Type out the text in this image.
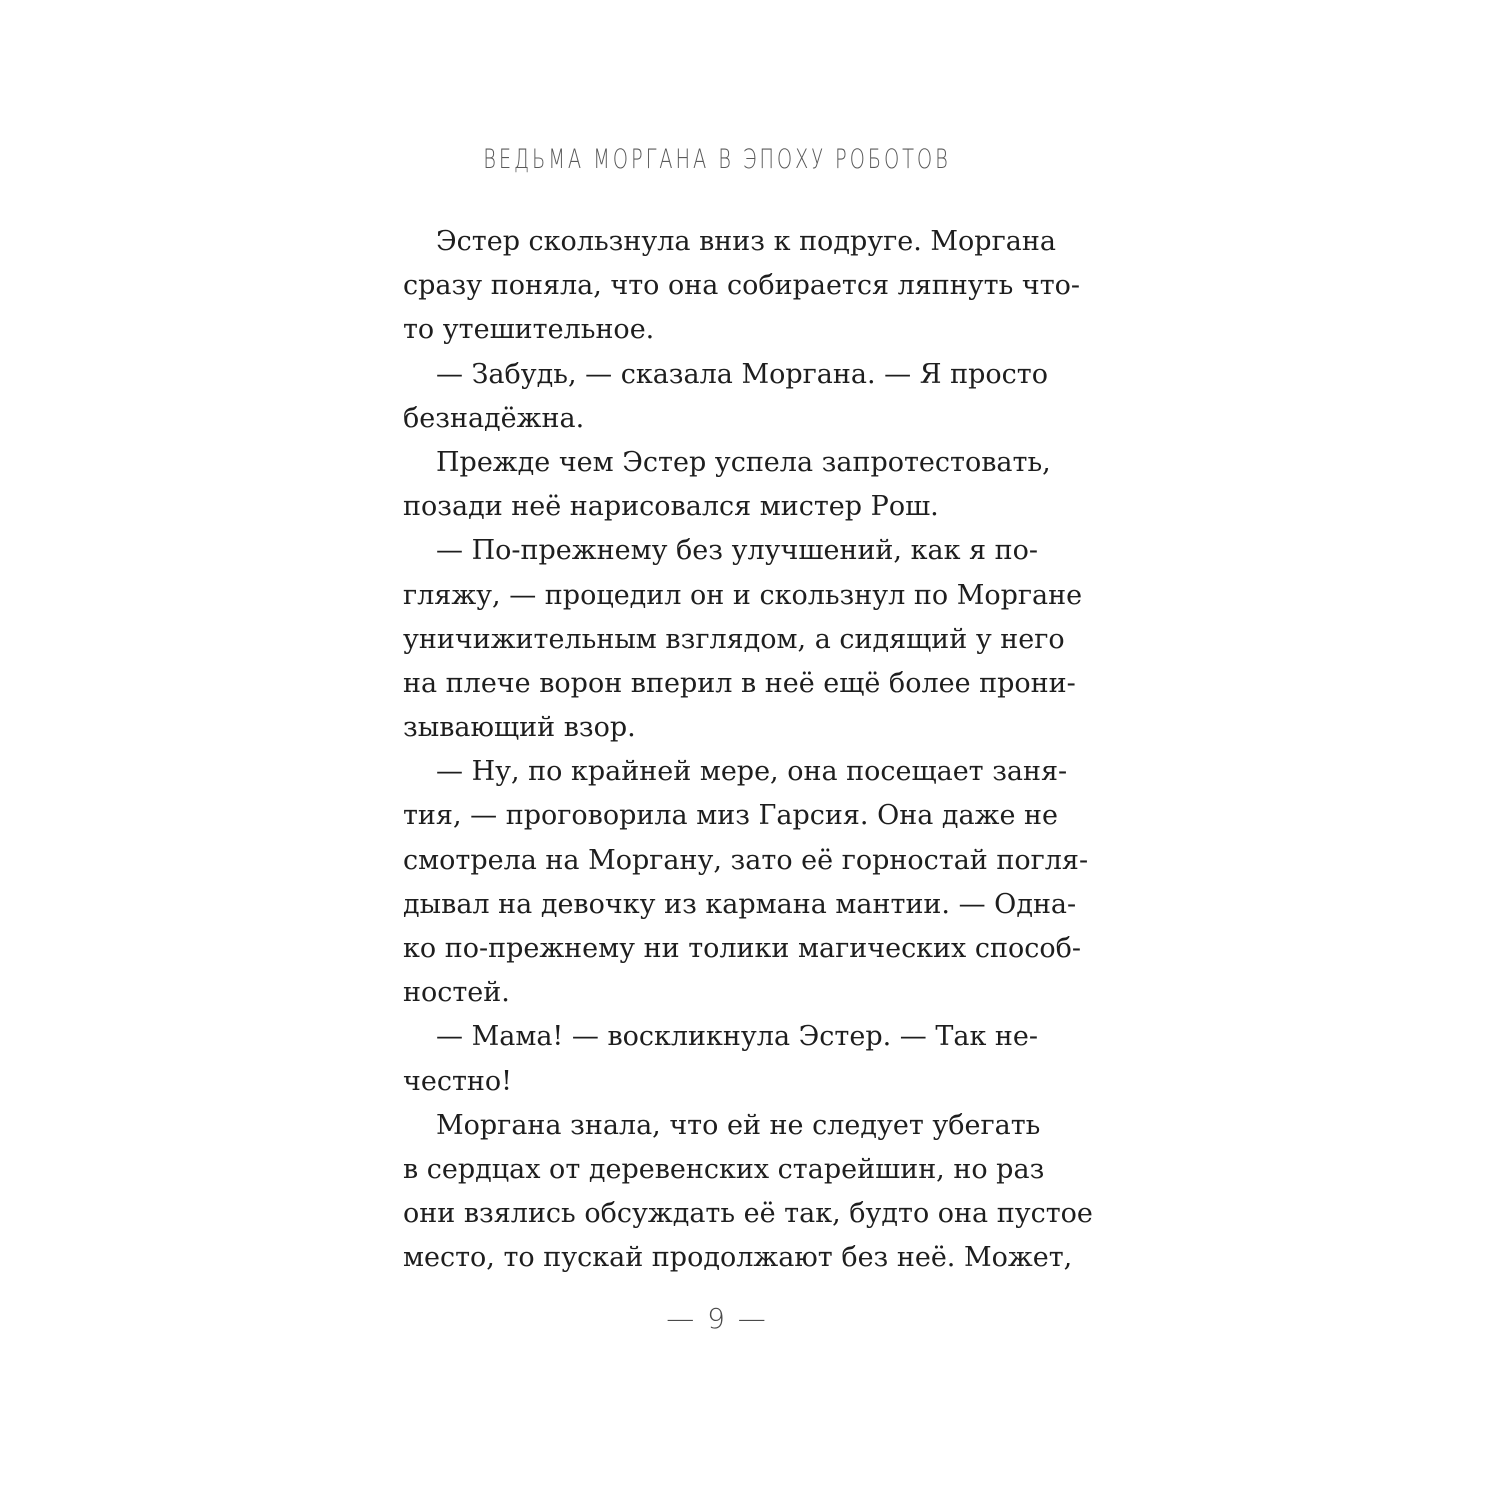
ВЕДЬМА МОРГАНА В ЭПОХУ РОБОТОВ
Эстер скользнула вниз к подруге. Моргана
сразу поняла, что она собирается ляпнуть что-
то утешительное.
— Забудь, — сказала Моргана. — Я просто
безнадёжна.
Прежде чем Эстер успела запротестовать,
позади неё нарисовался мистер Рош.
— По-прежнему без улучшений, как я по-
гляжу, — процедил он и скользнул по Моргане
уничижительным взглядом, а сидящий у него
на плече ворон вперил в неё ещё более прони-
зывающий взор.
— Ну, по крайней мере, она посещает заня-
тия, — проговорила миз Гарсия. Она даже не
смотрела на Моргану, зато её горностай погля-
дывал на девочку из кармана мантии. — Одна-
ко по-прежнему ни толики магических способ-
ностей.
— Мама! — воскликнула Эстер. — Так не-
честно!
Моргана знала, что ей не следует убегать
в сердцах от деревенских старейшин, но раз
они взялись обсуждать её так, будто она пустое
место, то пускай продолжают без неё. Может,
— 9 —
